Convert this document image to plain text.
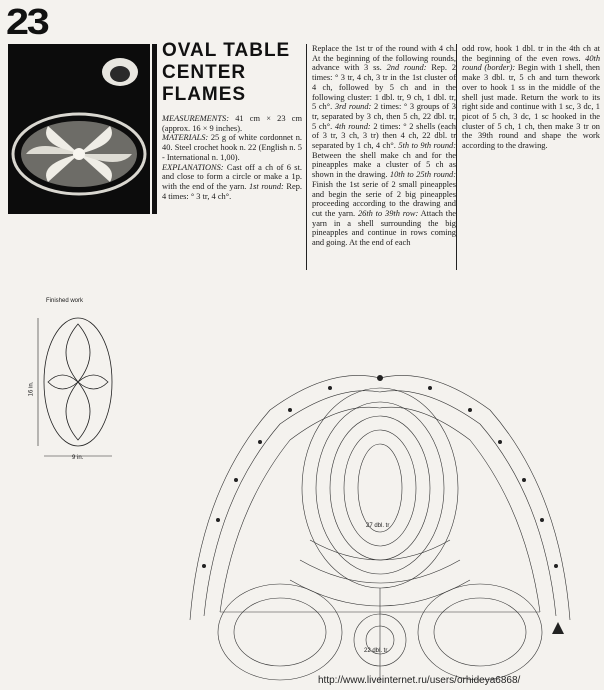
23
OVAL TABLE
CENTER
FLAMES

MEASUREMENTS: 41 cm × 23 cm (approx. 16 × 9 inches).

MATERIALS: 25 g of white cordonnet n. 40. Steel crochet hook n. 22 (English n. 5 - International n. 1,00).

EXPLANATIONS: Cast off a ch of 6 st. and close to form a circle or make a 1p. with the end of the yarn. 1st round: Rep. 4 times: ° 3 tr, 4 ch°.

Replace the 1st tr of the round with 4 ch. At the beginning of the following rounds, advance with 3 ss. 2nd round: Rep. 2 times: ° 3 tr, 4 ch, 3 tr in the 1st cluster of 4 ch, followed by 5 ch and in the following cluster: 1 dbl. tr, 9 ch, 1 dbl. tr, 5 ch°. 3rd round: 2 times: ° 3 groups of 3 tr, separated by 3 ch, then 5 ch, 22 dbl. tr, 5 ch°. 4th round: 2 times: ° 2 shells (each of 3 tr, 3 ch, 3 tr) then 4 ch, 22 dbl. tr separated by 1 ch, 4 ch°. 5th to 9th round: Between the shell make ch and for the pineapples make a cluster of 5 ch as shown in the drawing. 10th to 25th round: Finish the 1st serie of 2 small pineapples and begin the serie of 2 big pineapples proceeding according to the drawing and cut the yarn. 26th to 39th row: Attach the yarn in a shell surrounding the big pineapples and continue in rows coming and going. At the end of each

odd row, hook 1 dbl. tr in the 4th ch at the beginning of the even rows. 40th round (border): Begin with 1 shell, then make 3 dbl. tr, 5 ch and turn thework over to hook 1 ss in the middle of the shell just made. Return the work to its right side and continue with 1 sc, 3 dc, 1 picot of 5 ch, 3 dc, 1 sc hooked in the cluster of 5 ch, 1 ch, then make 3 tr on the 39th round and shape the work according to the drawing.

Finished work
16 in.
9 in.
27 dbl. tr
22 dbl. tr
http://www.liveinternet.ru/users/orhideya6868/
